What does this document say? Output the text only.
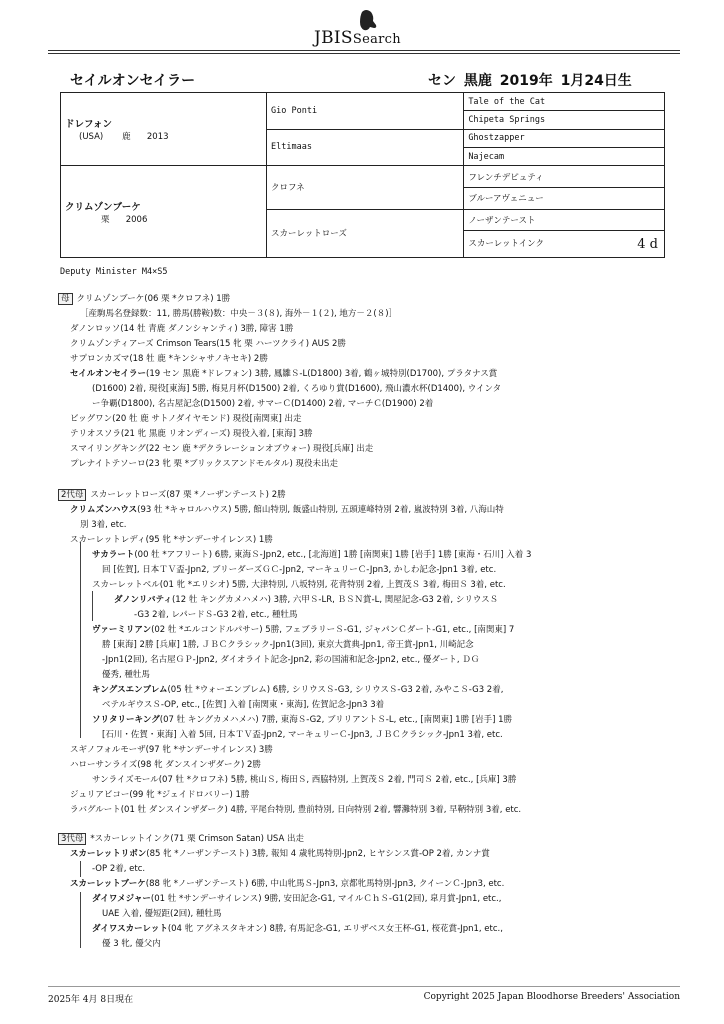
JBISSearch
セイルオンセイラー	セン 黒鹿 2019年 1月24日生
ドレフォン
(USA) 鹿 2013	Gio Ponti	Tale of the Cat
		Chipeta Springs
	Eltimaas	Ghostzapper
		Najecam
クリムゾンブーケ
栗 2006	クロフネ	フレンチデピュティ
		ブルーアヴェニュー
	スカーレットローズ	ノーザンテースト
		スカーレットインク 4 d
Deputy Minister M4×S5
母 クリムゾンブーケ(06 栗 *クロフネ) 1勝
［産駒馬名登録数：11, 勝馬(勝鞍)数：中央－３(８), 海外－１(２), 地方－２(８)］
ダノンロッソ(14 牡 青鹿 ダノンシャンティ) 3勝, 障害 1勝
クリムゾンティアーズ Crimson Tears(15 牝 栗 ハーツクライ) AUS 2勝
サプロンカズマ(18 牡 鹿 *キンシャサノキセキ) 2勝
セイルオンセイラー(19 セン 黒鹿 *ドレフォン) 3勝, 鳳雛Ｓ-L(D1800) 3着, 鶴ヶ城特別(D1700), プラタナス賞
(D1600) 2着, 現役[東海] 5勝, 梅見月杯(D1500) 2着, くろゆり賞(D1600), 飛山濃水杯(D1400), ウインタ
ー争覇(D1800), 名古屋記念(D1500) 2着, サマーＣ(D1400) 2着, マーチＣ(D1900) 2着
ビッグワン(20 牡 鹿 サトノダイヤモンド) 現役[南関東] 出走
テリオスソラ(21 牝 黒鹿 リオンディーズ) 現役入着, [東海] 3勝
スマイリングキング(22 セン 鹿 *デクラレーションオブウォー) 現役[兵庫] 出走
プレナイトテソーロ(23 牝 栗 *ブリックスアンドモルタル) 現役未出走
2代母 スカーレットローズ(87 栗 *ノーザンテースト) 2勝
クリムズンハウス(93 牡 *キャロルハウス) 5勝, 館山特別, 飯盛山特別, 五頭連峰特別 2着, 嵐波特別 3着, 八海山特
別 3着, etc.
スカーレットレディ(95 牝 *サンデーサイレンス) 1勝
サカラート(00 牡 *アフリート) 6勝, 東海Ｓ-Jpn2, etc., [北海道] 1勝 [南関東] 1勝 [岩手] 1勝 [東海・石川] 入着 3
回 [佐賀], 日本ＴＶ盃-Jpn2, ブリーダーズＧＣ-Jpn2, マーキュリーＣ-Jpn3, かしわ記念-Jpn1 3着, etc.
スカーレットベル(01 牝 *エリシオ) 5勝, 大津特別, 八坂特別, 花背特別 2着, 上賀茂Ｓ 3着, 梅田Ｓ 3着, etc.
ダノンリバティ(12 牡 キングカメハメハ) 3勝, 六甲Ｓ-LR, ＢＳＮ賞-L, 関屋記念-G3 2着, シリウスＳ
-G3 2着, レパードＳ-G3 2着, etc., 種牡馬
ヴァーミリアン(02 牡 *エルコンドルパサー) 5勝, フェブラリーＳ-G1, ジャパンＣダート-G1, etc., [南関東] 7
勝 [東海] 2勝 [兵庫] 1勝, ＪＢＣクラシック-Jpn1(3回), 東京大賞典-Jpn1, 帝王賞-Jpn1, 川崎記念
-Jpn1(2回), 名古屋ＧＰ-Jpn2, ダイオライト記念-Jpn2, 彩の国浦和記念-Jpn2, etc., 優ダート, ＤＧ
優秀, 種牡馬
キングスエンブレム(05 牡 *ウォーエンブレム) 6勝, シリウスＳ-G3, シリウスＳ-G3 2着, みやこＳ-G3 2着,
ベテルギウスＳ-OP, etc., [佐賀] 入着 [南関東・東海], 佐賀記念-Jpn3 3着
ソリタリーキング(07 牡 キングカメハメハ) 7勝, 東海Ｓ-G2, ブリリアントＳ-L, etc., [南関東] 1勝 [岩手] 1勝
[石川・佐賀・東海] 入着 5回, 日本ＴＶ盃-Jpn2, マーキュリーＣ-Jpn3, ＪＢＣクラシック-Jpn1 3着, etc.
スギノフォルモーザ(97 牝 *サンデーサイレンス) 3勝
ハローサンライズ(98 牝 ダンスインザダーク) 2勝
サンライズモール(07 牡 *クロフネ) 5勝, 桃山Ｓ, 梅田Ｓ, 西脇特別, 上賀茂Ｓ 2着, 門司Ｓ 2着, etc., [兵庫] 3勝
ジュリアビコー(99 牝 *ジェイドロバリー) 1勝
ラバグルート(01 牡 ダンスインザダーク) 4勝, 平尾台特別, 豊前特別, 日向特別 2着, 響灘特別 3着, 早鞆特別 3着, etc.
3代母 *スカーレットインク(71 栗 Crimson Satan) USA 出走
スカーレットリボン(85 牝 *ノーザンテースト) 3勝, 報知 4 歳牝馬特別-Jpn2, ヒヤシンス賞-OP 2着, カンナ賞
-OP 2着, etc.
スカーレットブーケ(88 牝 *ノーザンテースト) 6勝, 中山牝馬Ｓ-Jpn3, 京都牝馬特別-Jpn3, クイーンＣ-Jpn3, etc.
ダイワメジャー(01 牡 *サンデーサイレンス) 9勝, 安田記念-G1, マイルＣｈＳ-G1(2回), 皐月賞-Jpn1, etc.,
UAE 入着, 優短距(2回), 種牡馬
ダイワスカーレット(04 牝 アグネスタキオン) 8勝, 有馬記念-G1, エリザベス女王杯-G1, 桜花賞-Jpn1, etc.,
優 3 牝, 優父内
2025年 4月 8日現在	Copyright 2025 Japan Bloodhorse Breeders' Association
